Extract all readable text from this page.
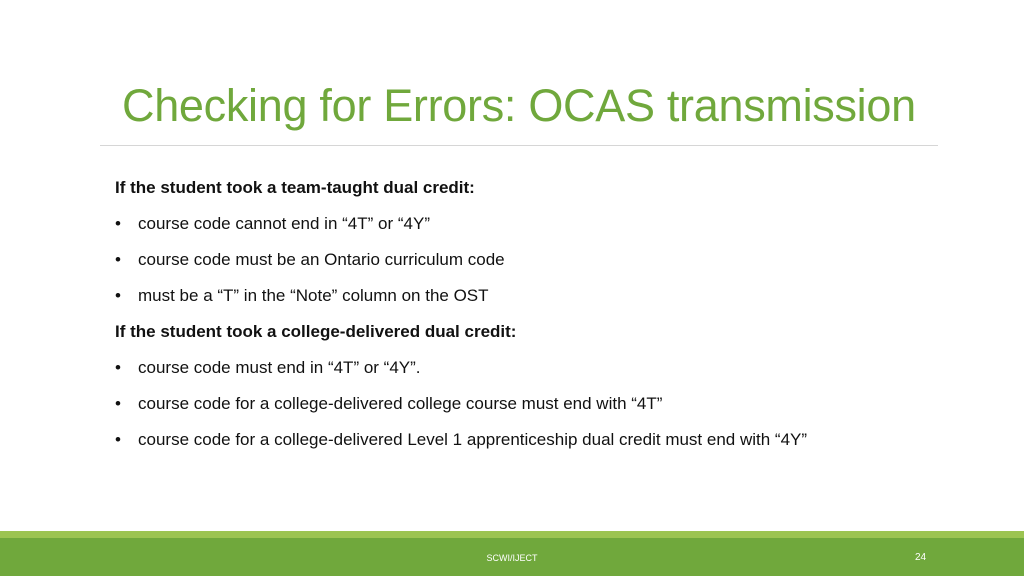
Checking for Errors: OCAS transmission
If the student took a team-taught dual credit:
• course code cannot end in “4T” or “4Y”
• course code must be an Ontario curriculum code
• must be a “T” in the “Note” column on the OST
If the student took a college-delivered dual credit:
• course code must end in “4T” or “4Y”.
• course code for a college-delivered college course must end with “4T”
• course code for a college-delivered Level 1 apprenticeship dual credit must end with “4Y”
SCWI/IJECT	24
